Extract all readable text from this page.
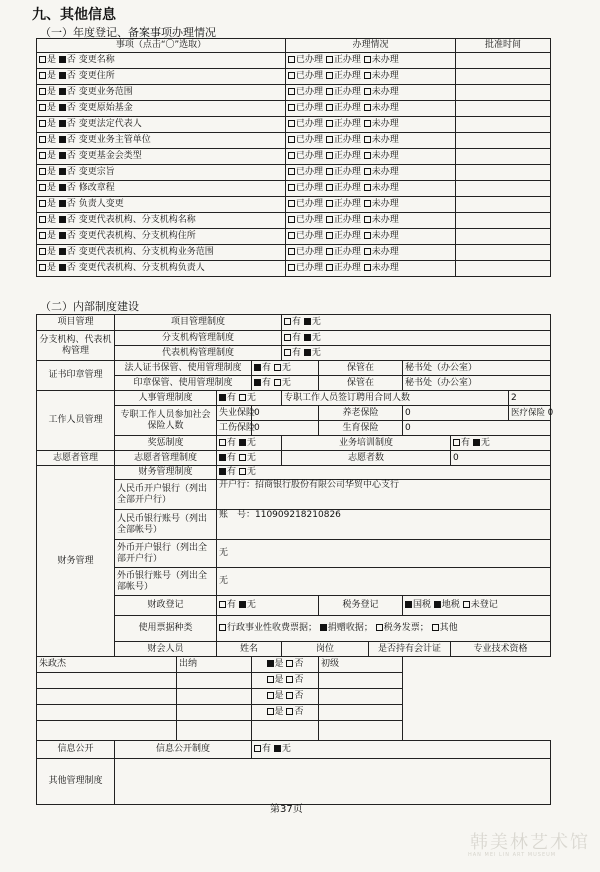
九、其他信息
（一）年度登记、备案事项办理情况
事项（点击“〇”选取）	办理情况	批准时间
是 否 变更名称	已办理 正办理 未办理	
是 否 变更住所	已办理 正办理 未办理	
是 否 变更业务范围	已办理 正办理 未办理	
是 否 变更原始基金	已办理 正办理 未办理	
是 否 变更法定代表人	已办理 正办理 未办理	
是 否 变更业务主管单位	已办理 正办理 未办理	
是 否 变更基金会类型	已办理 正办理 未办理	
是 否 变更宗旨	已办理 正办理 未办理	
是 否 修改章程	已办理 正办理 未办理	
是 否 负责人变更	已办理 正办理 未办理	
是 否 变更代表机构、分支机构名称	已办理 正办理 未办理	
是 否 变更代表机构、分支机构住所	已办理 正办理 未办理	
是 否 变更代表机构、分支机构业务范围	已办理 正办理 未办理	
是 否 变更代表机构、分支机构负责人	已办理 正办理 未办理	
（二）内部制度建设
项目管理	项目管理制度				有 无					
分支机构、代表机构管理	分支机构管理制度				有 无					
	代表机构管理制度				有 无					
证书印章管理	法人证书保管、使用管理制度			有 无		保管在		秘书处（办公室）		
	印章保管、使用管理制度			有 无		保管在		秘书处（办公室）		
工作人员管理	人事管理制度		有 无		专职工作人员签订聘用合同人数					2
	专职工作人员参加社会保险人数		失业保险	0		养老保险		0		医疗保险 0
			工伤保险	0		生育保险		0		
	奖惩制度		有 无		业务培训制度				有 无	
志愿者管理	志愿者管理制度		有 无		志愿者数				0	
财务管理	财务管理制度		有 无							
	人民币开户银行（列出全部开户行）		开户行：招商银行股份有限公司华贸中心支行							
	人民币银行账号（列出全部帐号）		账　号：110909218210826							
	外币开户银行（列出全部开户行）		无							
	外币银行账号（列出全部帐号）		无							
	财政登记		有 无			税务登记		国税 地税 未登记		
	使用票据种类		行政事业性收费票据； 捐赠收据； 税务发票； 其他							
	财会人员		姓名		岗位		是否持有会计证		专业技术资格	
朱政杰		出纳		是 否		初级				
				是 否						
				是 否						
				是 否						

信息公开	信息公开制度			有 无						
其他管理制度										
第37页
韩美林艺术馆
HAN MEI LIN ART MUSEUM
